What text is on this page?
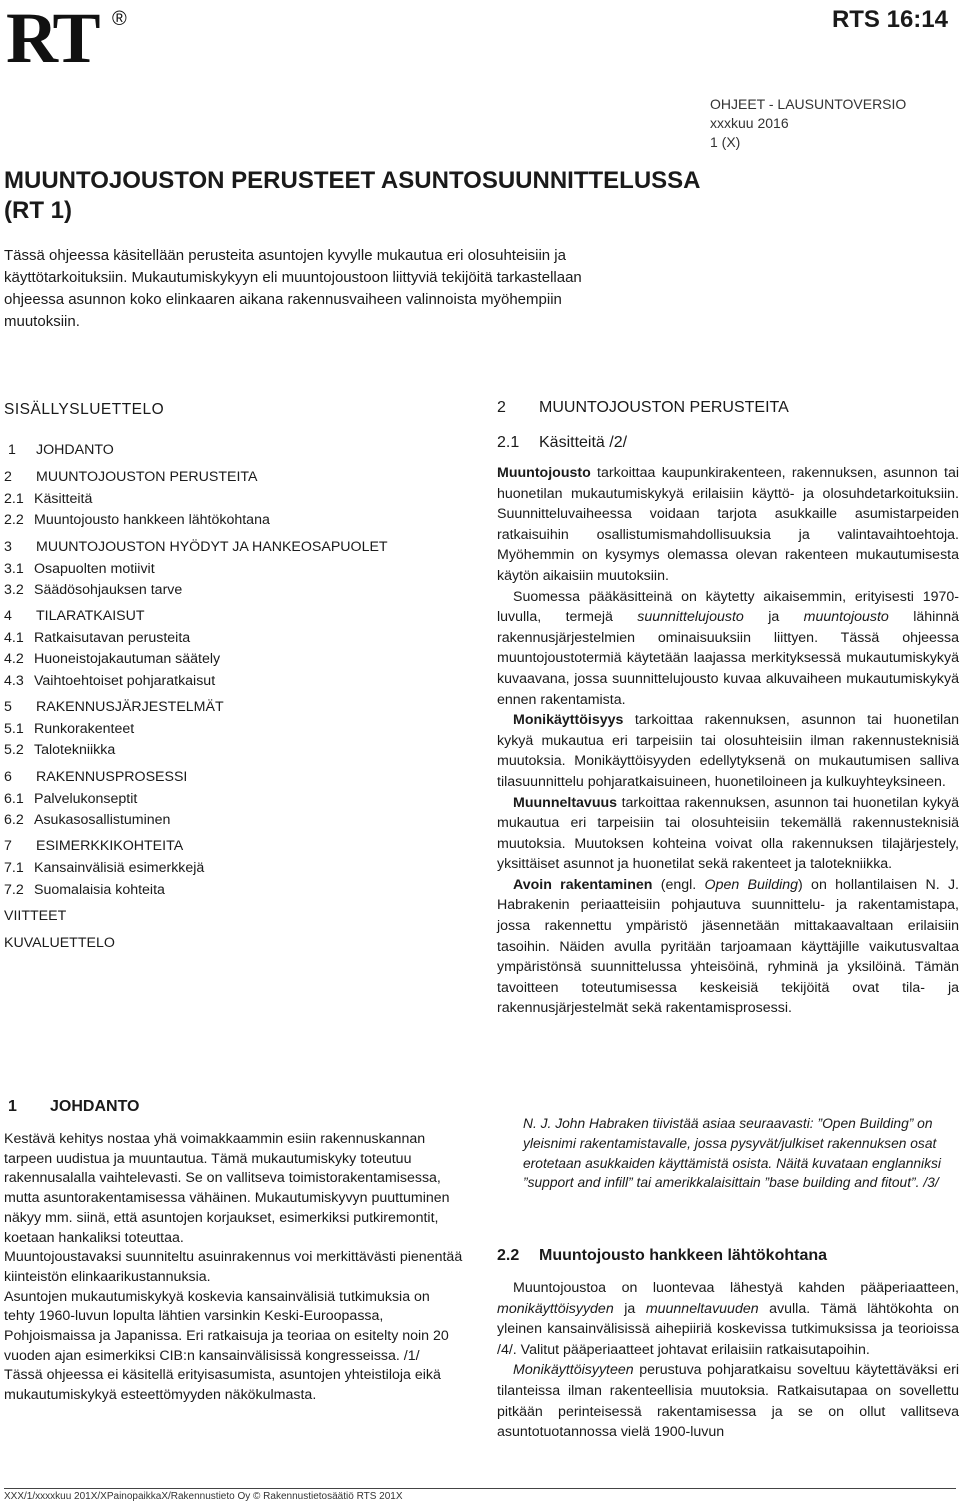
RT ®	RTS 16:14
OHJEET - LAUSUNTOVERSIO
xxxkuu 2016
1 (X)
MUUNTOJOUSTON PERUSTEET ASUNTOSUUNNITTELUSSA
(RT 1)
Tässä ohjeessa käsitellään perusteita asuntojen kyvylle mukautua eri olosuhteisiin ja käyttötarkoituksiin. Mukautumiskykyyn eli muuntojoustoon liittyviä tekijöitä tarkastellaan ohjeessa asunnon koko elinkaaren aikana rakennusvaiheen valinnoista myöhempiin muutoksiin.
SISÄLLYSLUETTELO
1 JOHDANTO
2 MUUNTOJOUSTON PERUSTEITA
2.1 Käsitteitä
2.2 Muuntojousto hankkeen lähtökohtana
3 MUUNTOJOUSTON HYÖDYT JA HANKEOSAPUOLET
3.1 Osapuolten motiivit
3.2 Säädösohjauksen tarve
4 TILARATKAISUT
4.1 Ratkaisutavan perusteita
4.2 Huoneistojakautuman säätely
4.3 Vaihtoehtoiset pohjaratkaisut
5 RAKENNUSJÄRJESTELMÄT
5.1 Runkorakenteet
5.2 Talotekniikka
6 RAKENNUSPROSESSI
6.1 Palvelukonseptit
6.2 Asukasosallistuminen
7 ESIMERKKIKOHTEITA
7.1 Kansainvälisiä esimerkkejä
7.2 Suomalaisia kohteita
VIITTEET
KUVALUETTELO
1 JOHDANTO

Kestävä kehitys nostaa yhä voimakkaammin esiin rakennuskannan tarpeen uudistua ja muuntautua. Tämä mukautumiskyky toteutuu rakennusalalla vaihtelevasti. Se on vallitseva toimistorakentamisessa, mutta asuntorakentamisessa vähäinen. Mukautumiskyvyn puuttuminen näkyy mm. siinä, että asuntojen korjaukset, esimerkiksi putkiremontit, koetaan hankaliksi toteuttaa.

Muuntojoustavaksi suunniteltu asuinrakennus voi merkittävästi pienentää kiinteistön elinkaarikustannuksia.

Asuntojen mukautumiskykyä koskevia kansainvälisiä tutkimuksia on tehty 1960-luvun lopulta lähtien varsinkin Keski-Euroopassa, Pohjoismaissa ja Japanissa. Eri ratkaisuja ja teoriaa on esitelty noin 20 vuoden ajan esimerkiksi CIB:n kansainvälisissä kongresseissa. /1/

Tässä ohjeessa ei käsitellä erityisasumista, asuntojen yhteistiloja eikä mukautumiskykyä esteettömyyden näkökulmasta.

2 MUUNTOJOUSTON PERUSTEITA
2.1 Käsitteitä /2/

Muuntojousto tarkoittaa kaupunkirakenteen, rakennuksen, asunnon tai huonetilan mukautumiskykyä erilaisiin käyttö- ja olosuhdetarkoituksiin. Suunnitteluvaiheessa voidaan tarjota asukkaille asumistarpeiden ratkaisuihin osallistumismahdollisuuksia ja valintavaihtoehtoja. Myöhemmin on kysymys olemassa olevan rakenteen mukautumisesta käytön aikaisiin muutoksiin.

Suomessa pääkäsitteinä on käytetty aikaisemmin, erityisesti 1970-luvulla, termejä suunnittelujousto ja muuntojousto lähinnä rakennusjärjestelmien ominaisuuksiin liittyen. Tässä ohjeessa muuntojoustotermiä käytetään laajassa merkityksessä mukautumiskykyä kuvaavana, jossa suunnittelujousto kuvaa alkuvaiheen mukautumiskykyä ennen rakentamista.

Monikäyttöisyys tarkoittaa rakennuksen, asunnon tai huonetilan kykyä mukautua eri tarpeisiin tai olosuhteisiin ilman rakennusteknisiä muutoksia. Monikäyttöisyyden edellytyksenä on mukautumisen salliva tilasuunnittelu pohjaratkaisuineen, huonetiloineen ja kulkuyhteyksineen.

Muunneltavuus tarkoittaa rakennuksen, asunnon tai huonetilan kykyä mukautua eri tarpeisiin tai olosuhteisiin tekemällä rakennusteknisiä muutoksia. Muutoksen kohteina voivat olla rakennuksen tilajärjestely, yksittäiset asunnot ja huonetilat sekä rakenteet ja talotekniikka.

Avoin rakentaminen (engl. Open Building) on hollantilaisen N. J. Habrakenin periaatteisiin pohjautuva suunnittelu- ja rakentamistapa, jossa rakennettu ympäristö jäsennetään mittakaavaltaan erilaisiin tasoihin. Näiden avulla pyritään tarjoamaan käyttäjille vaikutusvaltaa ympäristönsä suunnittelussa yhteisöinä, ryhminä ja yksilöinä. Tämän tavoitteen toteutumisessa keskeisiä tekijöitä ovat tila- ja rakennusjärjestelmät sekä rakentamisprosessi.

N. J. John Habraken tiivistää asiaa seuraavasti: ”Open Building” on yleisnimi rakentamistavalle, jossa pysyvät/julkiset rakennuksen osat erotetaan asukkaiden käyttämistä osista. Näitä kuvataan englanniksi ”support and infill” tai amerikkalaisittain ”base building and fitout”. /3/
2.2 Muuntojousto hankkeen lähtökohtana

Muuntojoustoa on luontevaa lähestyä kahden pääperiaatteen, monikäyttöisyyden ja muunneltavuuden avulla. Tämä lähtökohta on yleinen kansainvälisissä aihepiiriä koskevissa tutkimuksissa ja teorioissa /4/. Valitut pääperiaatteet johtavat erilaisiin ratkaisutapoihin.

Monikäyttöisyyteen perustuva pohjaratkaisu soveltuu käytettäväksi eri tilanteissa ilman rakenteellisia muutoksia. Ratkaisutapaa on sovellettu pitkään perinteisessä rakentamisessa ja se on ollut vallitseva asuntotuotannossa vielä 1900-luvun

XXX/1/xxxxkuu 201X/XPainopaikkaX/Rakennustieto Oy © Rakennustietosäätiö RTS 201X
